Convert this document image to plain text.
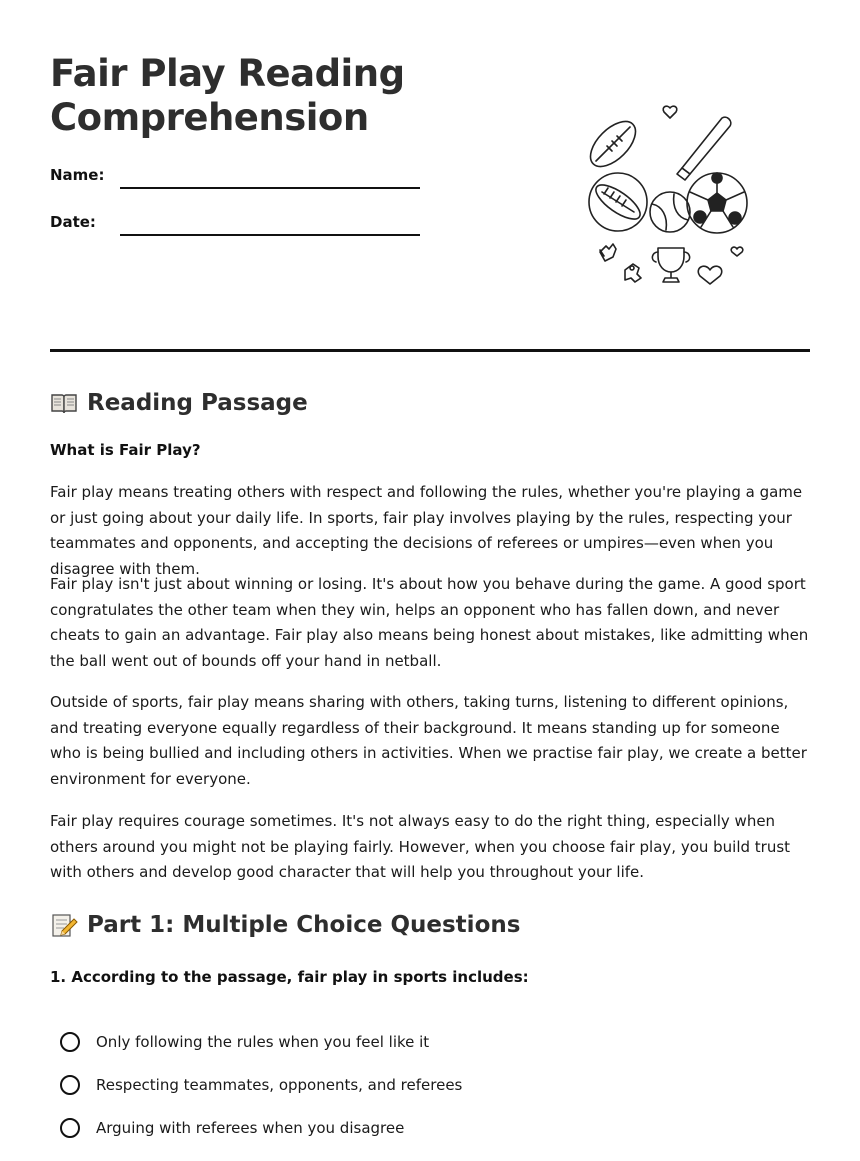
Fair Play Reading
Comprehension
Name:
Date:
Reading Passage
What is Fair Play?

Fair play means treating others with respect and following the rules, whether you're playing a game or just going about your daily life. In sports, fair play involves playing by the rules, respecting your teammates and opponents, and accepting the decisions of referees or umpires—even when you disagree with them.

Fair play isn't just about winning or losing. It's about how you behave during the game. A good sport congratulates the other team when they win, helps an opponent who has fallen down, and never cheats to gain an advantage. Fair play also means being honest about mistakes, like admitting when the ball went out of bounds off your hand in netball.

Outside of sports, fair play means sharing with others, taking turns, listening to different opinions, and treating everyone equally regardless of their background. It means standing up for someone who is being bullied and including others in activities. When we practise fair play, we create a better environment for everyone.

Fair play requires courage sometimes. It's not always easy to do the right thing, especially when others around you might not be playing fairly. However, when you choose fair play, you build trust with others and develop good character that will help you throughout your life.

Part 1: Multiple Choice Questions
1. According to the passage, fair play in sports includes:
Only following the rules when you feel like it
Respecting teammates, opponents, and referees
Arguing with referees when you disagree
